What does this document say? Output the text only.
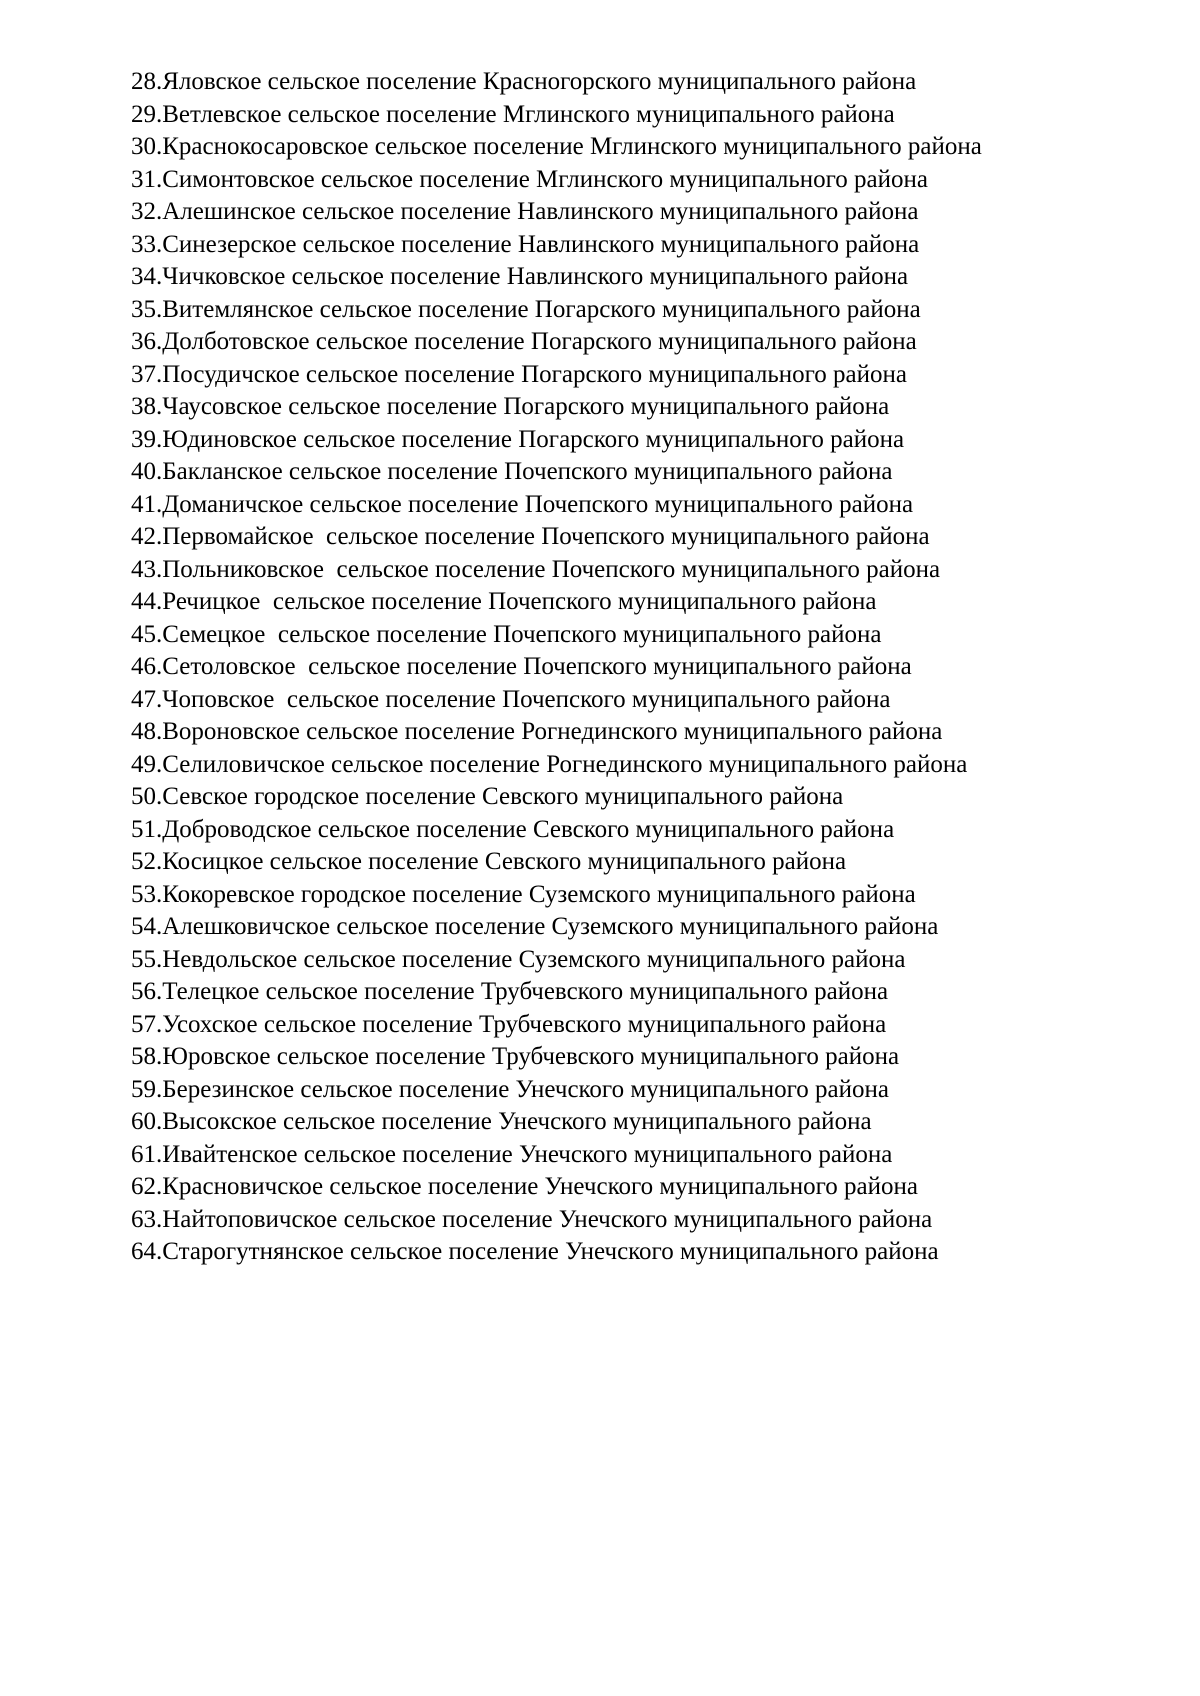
28.Яловское сельское поселение Красногорского муниципального района
29.Ветлевское сельское поселение Мглинского муниципального района
30.Краснокосаровское сельское поселение Мглинского муниципального района
31.Симонтовское сельское поселение Мглинского муниципального района
32.Алешинское сельское поселение Навлинского муниципального района
33.Синезерское сельское поселение Навлинского муниципального района
34.Чичковское сельское поселение Навлинского муниципального района
35.Витемлянское сельское поселение Погарского муниципального района
36.Долботовское сельское поселение Погарского муниципального района
37.Посудичское сельское поселение Погарского муниципального района
38.Чаусовское сельское поселение Погарского муниципального района
39.Юдиновское сельское поселение Погарского муниципального района
40.Бакланское сельское поселение Почепского муниципального района
41.Доманичское сельское поселение Почепского муниципального района
42.Первомайское  сельское поселение Почепского муниципального района
43.Польниковское  сельское поселение Почепского муниципального района
44.Речицкое  сельское поселение Почепского муниципального района
45.Семецкое  сельское поселение Почепского муниципального района
46.Сетоловское  сельское поселение Почепского муниципального района
47.Чоповское  сельское поселение Почепского муниципального района
48.Вороновское сельское поселение Рогнединского муниципального района
49.Селиловичское сельское поселение Рогнединского муниципального района
50.Севское городское поселение Севского муниципального района
51.Доброводское сельское поселение Севского муниципального района
52.Косицкое сельское поселение Севского муниципального района
53.Кокоревское городское поселение Суземского муниципального района
54.Алешковичское сельское поселение Суземского муниципального района
55.Невдольское сельское поселение Суземского муниципального района
56.Телецкое сельское поселение Трубчевского муниципального района
57.Усохское сельское поселение Трубчевского муниципального района
58.Юровское сельское поселение Трубчевского муниципального района
59.Березинское сельское поселение Унечского муниципального района
60.Высокское сельское поселение Унечского муниципального района
61.Ивайтенское сельское поселение Унечского муниципального района
62.Красновичское сельское поселение Унечского муниципального района
63.Найтоповичское сельское поселение Унечского муниципального района
64.Старогутнянское сельское поселение Унечского муниципального района
